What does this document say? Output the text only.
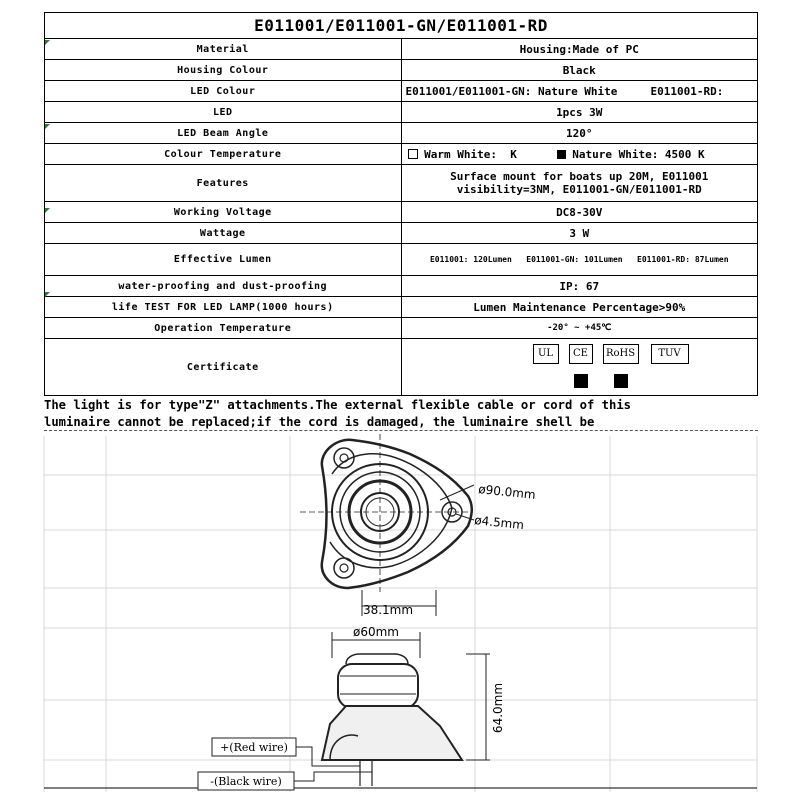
E011001/E011001-GN/E011001-RD	
Material	Housing:Made of PC
Housing Colour	Black
LED Colour	E011001/E011001-GN: Nature White     E011001-RD:
LED	1pcs 3W
LED Beam Angle	120°
Colour Temperature	Warm White:  K Nature White: 4500 K
Features	Surface mount for boats up 20M, E011001
visibility=3NM, E011001-GN/E011001-RD

Working Voltage	DC8-30V
Wattage	3 W
Effective Lumen	E011001: 120Lumen   E011001-GN: 101Lumen   E011001-RD: 87Lumen
water-proofing and dust-proofing	IP: 67
life TEST FOR LED LAMP(1000 hours)	Lumen Maintenance Percentage>90%
Operation Temperature	-20° ~ +45℃
Certificate	UL CE RoHS TUV
The light is for type"Z" attachments.The external flexible cable or cord of this
luminaire cannot be replaced;if the cord is damaged, the luminaire shell be
ø90.0mm
ø4.5mm
38.1mm
ø60mm
64.0mm
+(Red wire)
-(Black wire)
